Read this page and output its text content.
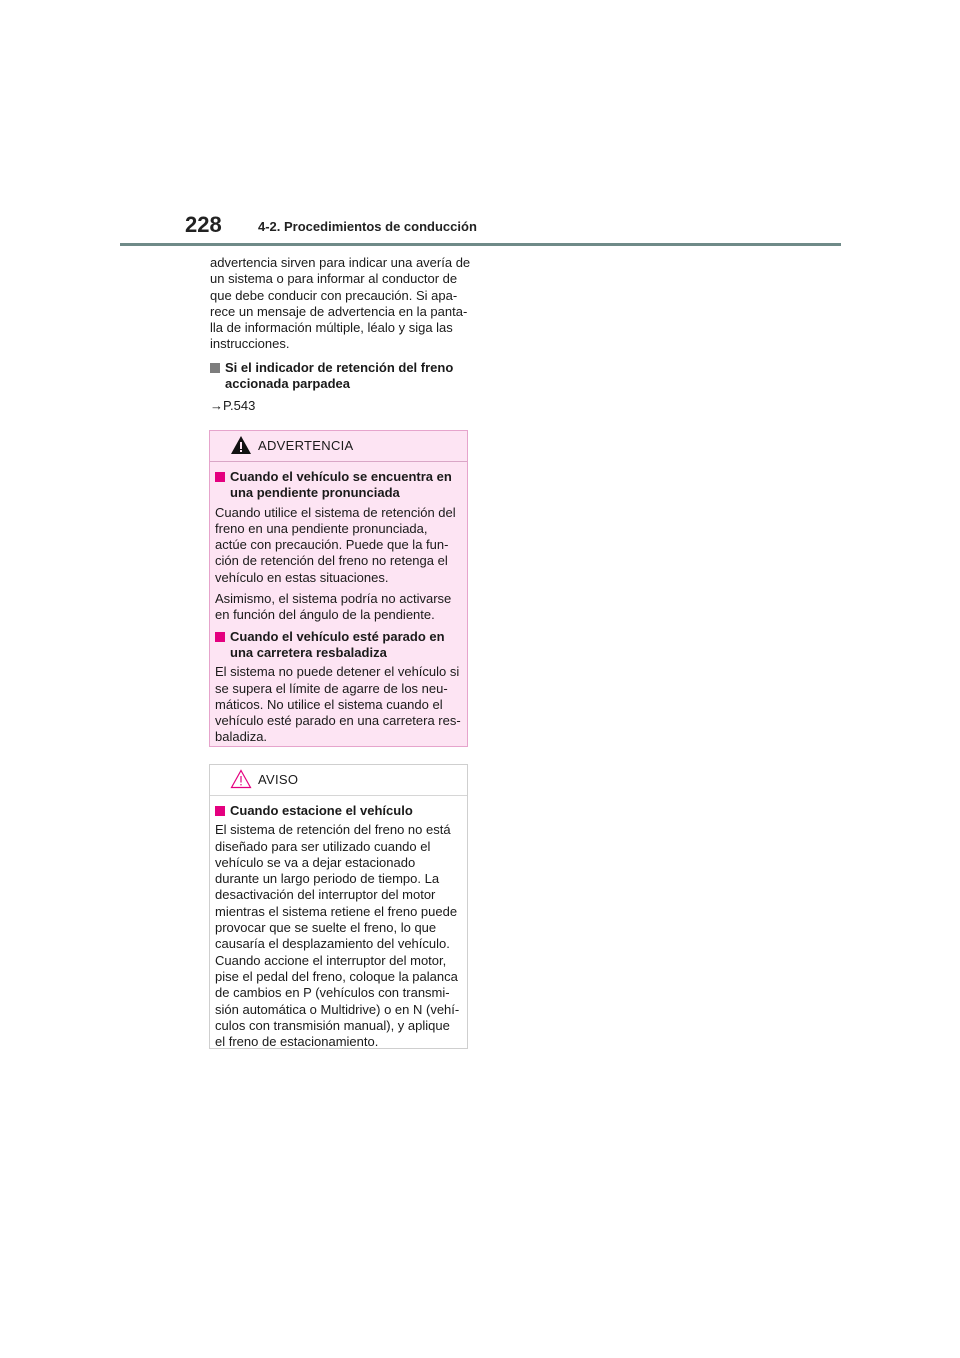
228	4-2. Procedimientos de conducción

advertencia sirven para indicar una avería de
un sistema o para informar al conductor de
que debe conducir con precaución. Si apa-
rece un mensaje de advertencia en la panta-
lla de información múltiple, léalo y siga las
instrucciones.

Si el indicador de retención del freno
accionada parpadea
→P.543
ADVERTENCIA
Cuando el vehículo se encuentra en
una pendiente pronunciada

Cuando utilice el sistema de retención del
freno en una pendiente pronunciada,
actúe con precaución. Puede que la fun-
ción de retención del freno no retenga el
vehículo en estas situaciones.

Asimismo, el sistema podría no activarse
en función del ángulo de la pendiente.

Cuando el vehículo esté parado en
una carretera resbaladiza

El sistema no puede detener el vehículo si
se supera el límite de agarre de los neu-
máticos. No utilice el sistema cuando el
vehículo esté parado en una carretera res-
baladiza.

AVISO
Cuando estacione el vehículo

El sistema de retención del freno no está
diseñado para ser utilizado cuando el
vehículo se va a dejar estacionado
durante un largo periodo de tiempo. La
desactivación del interruptor del motor
mientras el sistema retiene el freno puede
provocar que se suelte el freno, lo que
causaría el desplazamiento del vehículo.
Cuando accione el interruptor del motor,
pise el pedal del freno, coloque la palanca
de cambios en P (vehículos con transmi-
sión automática o Multidrive) o en N (vehí-
culos con transmisión manual), y aplique
el freno de estacionamiento.
